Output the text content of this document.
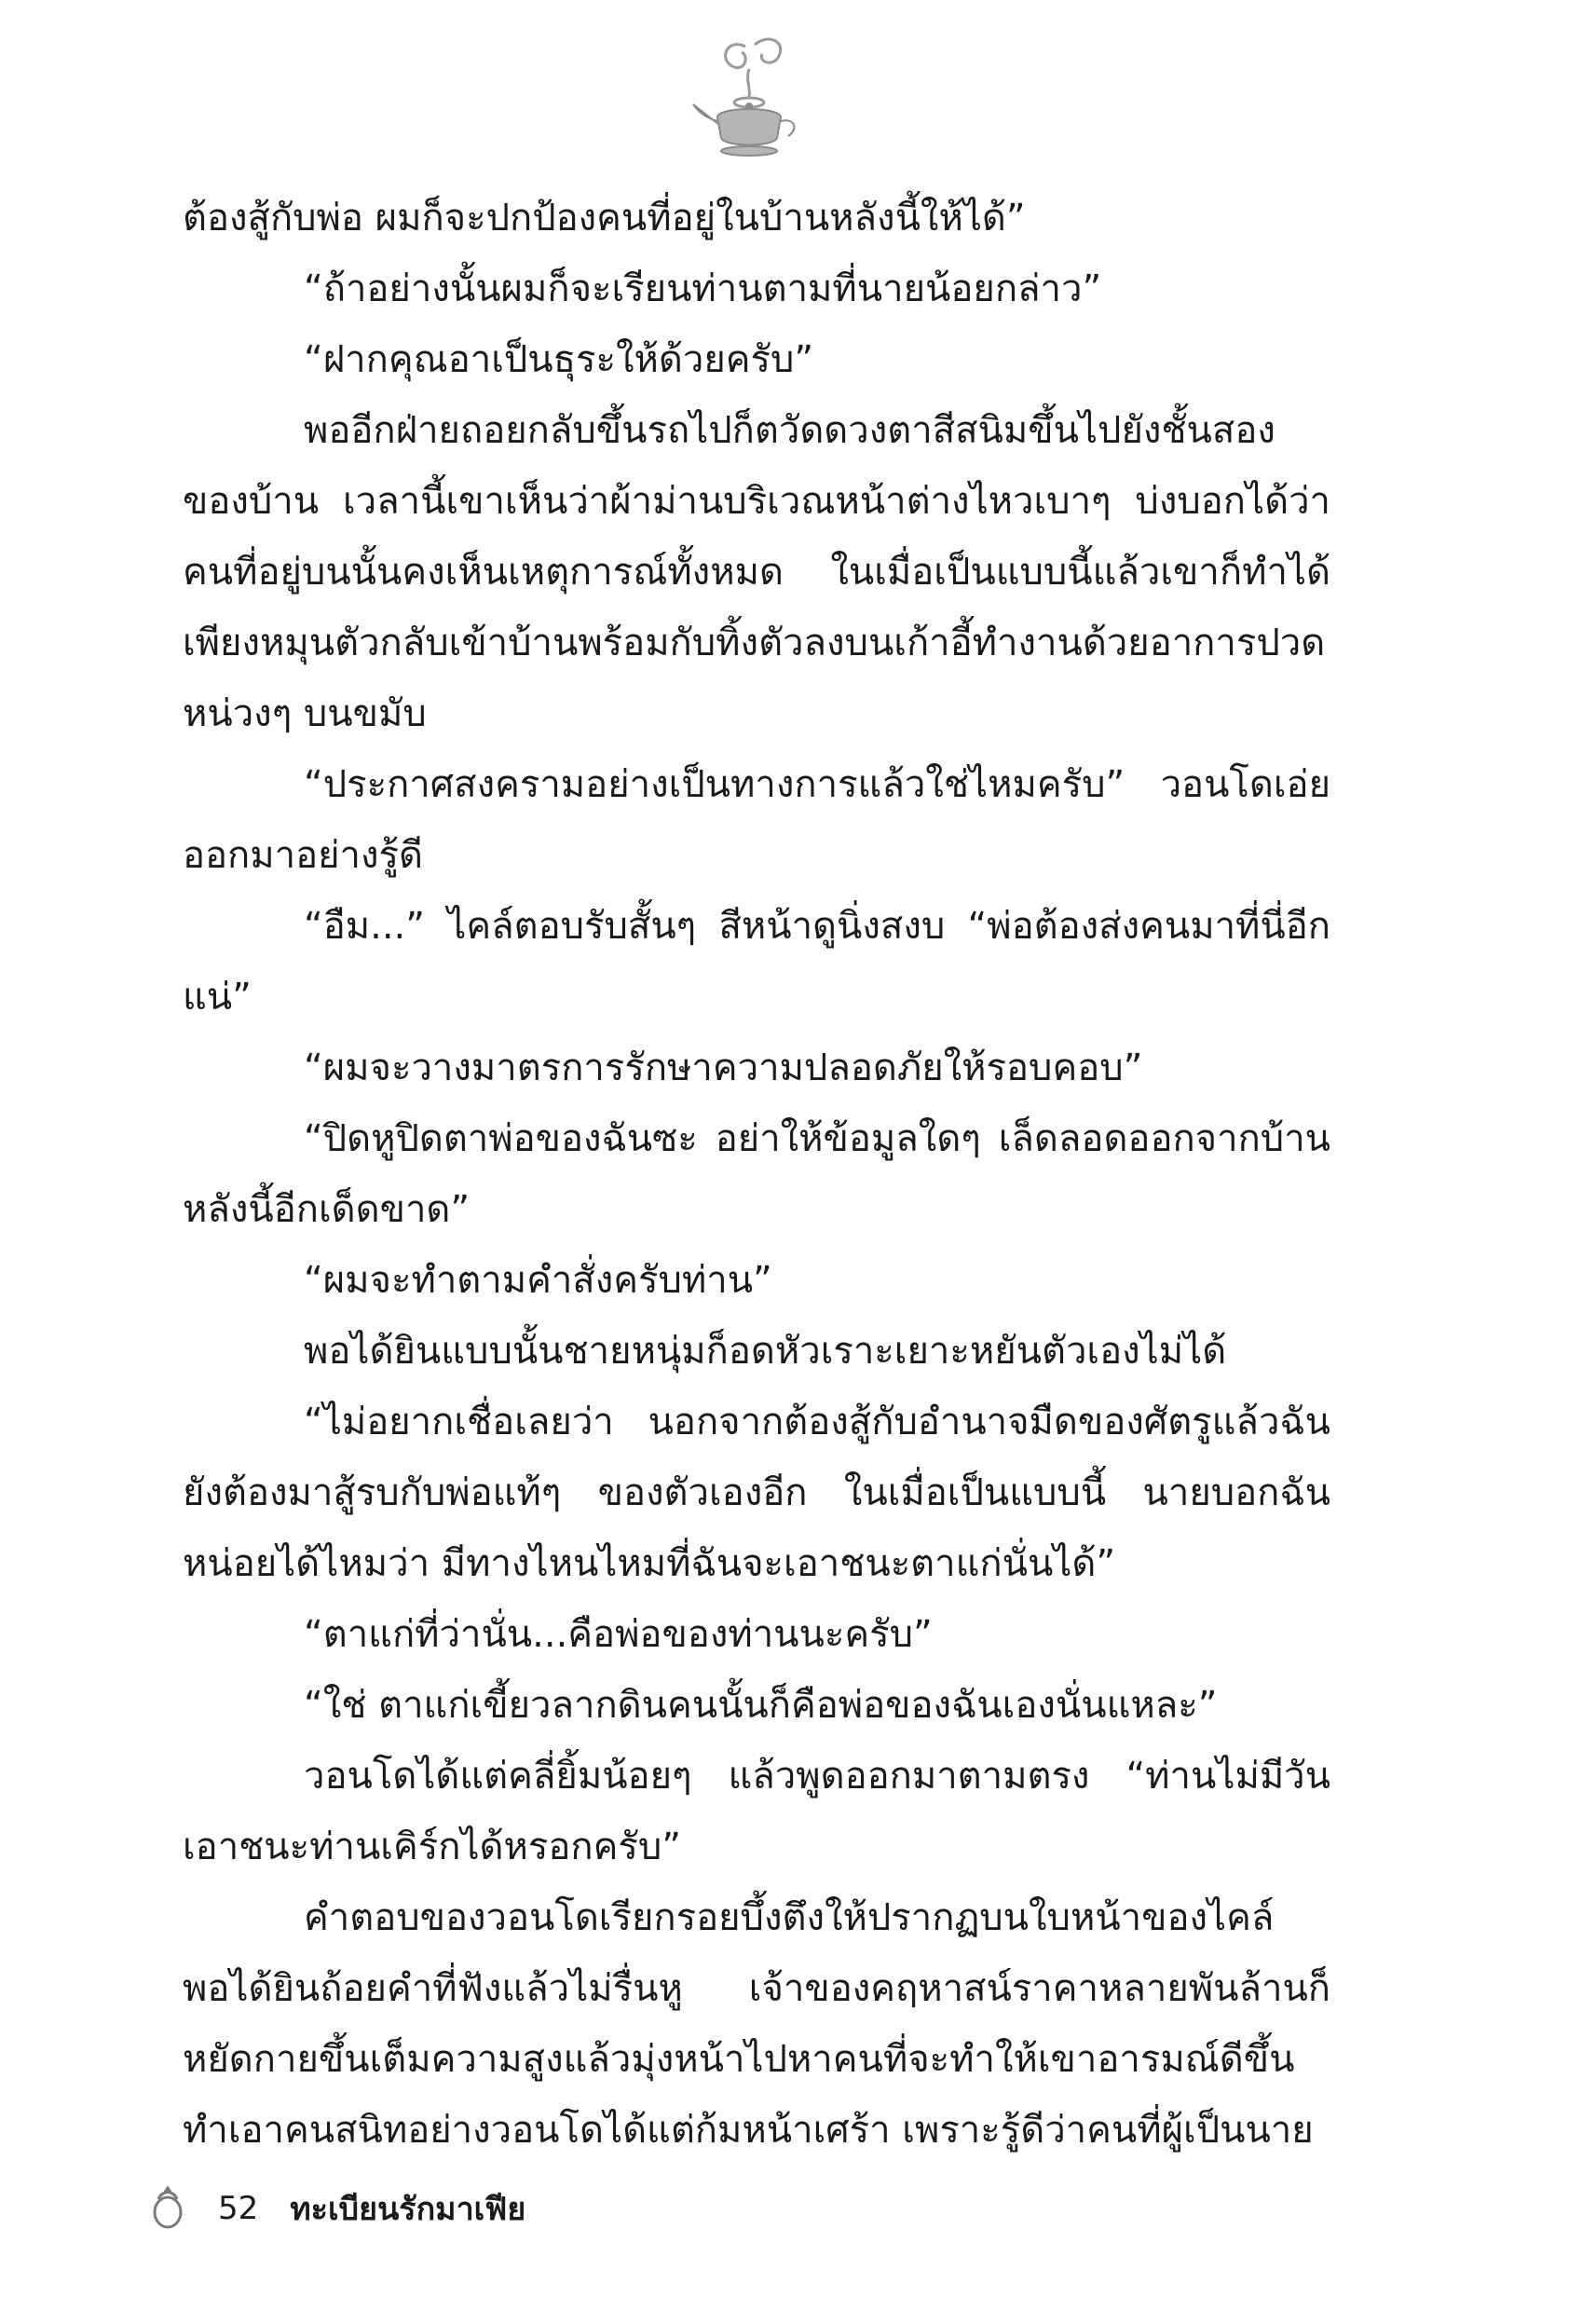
ต้องสู้กับพ่อ ผมก็จะปกป้องคนที่อยู่ในบ้านหลังนี้ให้ได้”

“ถ้าอย่างนั้นผมก็จะเรียนท่านตามที่นายน้อยกล่าว”

“ฝากคุณอาเป็นธุระให้ด้วยครับ”

พออีกฝ่ายถอยกลับขึ้นรถไปก็ตวัดดวงตาสีสนิมขึ้นไปยังชั้นสองของบ้าน เวลานี้เขาเห็นว่าผ้าม่านบริเวณหน้าต่างไหวเบาๆ บ่งบอกได้ว่าคนที่อยู่บนนั้นคงเห็นเหตุการณ์ทั้งหมด ในเมื่อเป็นแบบนี้แล้วเขาก็ทำได้เพียงหมุนตัวกลับเข้าบ้านพร้อมกับทิ้งตัวลงบนเก้าอี้ทำงานด้วยอาการปวดหน่วงๆ บนขมับ

“ประกาศสงครามอย่างเป็นทางการแล้วใช่ไหมครับ” วอนโดเอ่ยออกมาอย่างรู้ดี

“อืม...” ไคล์ตอบรับสั้นๆ สีหน้าดูนิ่งสงบ “พ่อต้องส่งคนมาที่นี่อีกแน่”

“ผมจะวางมาตรการรักษาความปลอดภัยให้รอบคอบ”

“ปิดหูปิดตาพ่อของฉันซะ อย่าให้ข้อมูลใดๆ เล็ดลอดออกจากบ้านหลังนี้อีกเด็ดขาด”

“ผมจะทำตามคำสั่งครับท่าน”

พอได้ยินแบบนั้นชายหนุ่มก็อดหัวเราะเยาะหยันตัวเองไม่ได้

“ไม่อยากเชื่อเลยว่า นอกจากต้องสู้กับอำนาจมืดของศัตรูแล้วฉันยังต้องมาสู้รบกับพ่อแท้ๆ ของตัวเองอีก ในเมื่อเป็นแบบนี้ นายบอกฉันหน่อยได้ไหมว่า มีทางไหนไหมที่ฉันจะเอาชนะตาแก่นั่นได้”

“ตาแก่ที่ว่านั่น...คือพ่อของท่านนะครับ”

“ใช่ ตาแก่เขี้ยวลากดินคนนั้นก็คือพ่อของฉันเองนั่นแหละ”

วอนโดได้แต่คลี่ยิ้มน้อยๆ แล้วพูดออกมาตามตรง “ท่านไม่มีวันเอาชนะท่านเคิร์กได้หรอกครับ”

คำตอบของวอนโดเรียกรอยบึ้งตึงให้ปรากฏบนใบหน้าของไคล์พอได้ยินถ้อยคำที่ฟังแล้วไม่รื่นหู เจ้าของคฤหาสน์ราคาหลายพันล้านก็หยัดกายขึ้นเต็มความสูงแล้วมุ่งหน้าไปหาคนที่จะทำให้เขาอารมณ์ดีขึ้นทำเอาคนสนิทอย่างวอนโดได้แต่ก้มหน้าเศร้า เพราะรู้ดีว่าคนที่ผู้เป็นนาย

52 ทะเบียนรักมาเฟีย
